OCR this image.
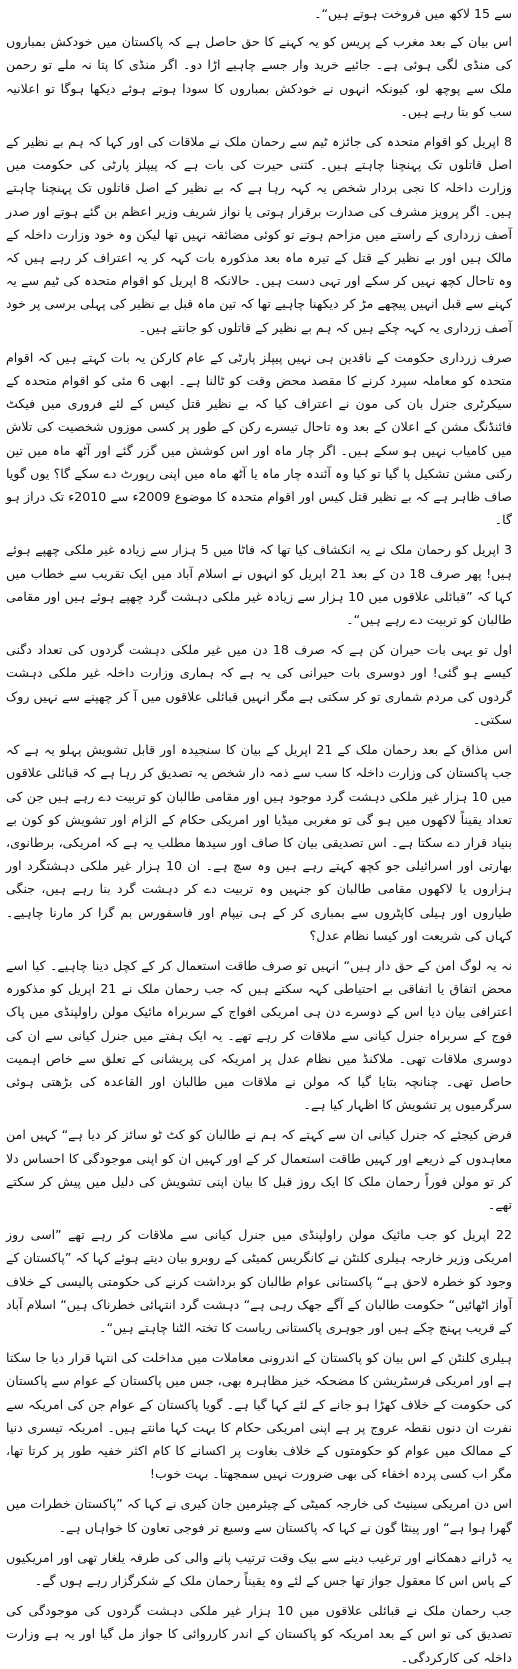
سے 15 لاکھ میں فروخت ہوتے ہیں“۔

اس بیان کے بعد مغرب کے پریس کو یہ کہنے کا حق حاصل ہے کہ پاکستان میں خودکش بمباروں کی منڈی لگی ہوئی ہے۔ جائیے خرید وار جسے چاہیے اڑا دو۔ اگر منڈی کا پتا نہ ملے تو رحمن ملک سے پوچھ لو، کیونکہ انہوں نے خودکش بمباروں کا سودا ہوتے ہوئے دیکھا ہوگا تو اعلانیہ سب کو بتا رہے ہیں۔

8 اپریل کو اقوام متحدہ کی جائزہ ٹیم سے رحمان ملک نے ملاقات کی اور کہا کہ ہم بے نظیر کے اصل قاتلوں تک پہنچنا چاہتے ہیں۔ کتنی حیرت کی بات ہے کہ پیپلز پارٹی کی حکومت میں وزارت داخلہ کا نجی بردار شخص یہ کہہ رہا ہے کہ بے نظیر کے اصل قاتلوں تک پہنچنا چاہتے ہیں۔ اگر پرویز مشرف کی صدارت برقرار ہوتی یا نواز شریف وزیر اعظم بن گئے ہوتے اور صدر آصف زرداری کے راستے میں مزاحم ہوتے تو کوئی مضائقہ نہیں تھا لیکن وہ خود وزارت داخلہ کے مالک ہیں اور بے نظیر کے قتل کے تیرہ ماہ بعد مذکورہ بات کہہ کر یہ اعتراف کر رہے ہیں کہ وہ تاحال کچھ نہیں کر سکے اور تہی دست ہیں۔ حالانکہ 8 اپریل کو اقوام متحدہ کی ٹیم سے یہ کہنے سے قبل انہیں پیچھے مڑ کر دیکھنا چاہیے تھا کہ تین ماہ قبل بے نظیر کی پہلی برسی پر خود آصف زرداری یہ کہہ چکے ہیں کہ ہم بے نظیر کے قاتلوں کو جانتے ہیں۔

صرف زرداری حکومت کے ناقدین ہی نہیں پیپلز پارٹی کے عام کارکن یہ بات کہتے ہیں کہ اقوام متحدہ کو معاملہ سپرد کرنے کا مقصد محض وقت کو ٹالنا ہے۔ ابھی 6 مئی کو اقوام متحدہ کے سیکرٹری جنرل بان کی مون نے اعتراف کیا کہ بے نظیر قتل کیس کے لئے فروری میں فیکٹ فائنڈنگ مشن کے اعلان کے بعد وہ تاحال تیسرے رکن کے طور پر کسی موزوں شخصیت کی تلاش میں کامیاب نہیں ہو سکے ہیں۔ اگر چار ماہ اور اس کوشش میں گزر گئے اور آٹھ ماہ میں تین رکنی مشن تشکیل پا گیا تو کیا وہ آئندہ چار ماہ یا آٹھ ماہ میں اپنی رپورٹ دے سکے گا؟ یوں گویا صاف ظاہر ہے کہ بے نظیر قتل کیس اور اقوام متحدہ کا موضوع 2009ء سے 2010ء تک دراز ہو گا۔

3 اپریل کو رحمان ملک نے یہ انکشاف کیا تھا کہ فاٹا میں 5 ہزار سے زیادہ غیر ملکی چھپے ہوئے ہیں! پھر صرف 18 دن کے بعد 21 اپریل کو انہوں نے اسلام آباد میں ایک تقریب سے خطاب میں کہا کہ ”قبائلی علاقوں میں 10 ہزار سے زیادہ غیر ملکی دہشت گرد چھپے ہوئے ہیں اور مقامی طالبان کو تربیت دے رہے ہیں“۔

اول تو یہی بات حیران کن ہے کہ صرف 18 دن میں غیر ملکی دہشت گردوں کی تعداد دگنی کیسے ہو گئی! اور دوسری بات حیرانی کی یہ ہے کہ ہماری وزارت داخلہ غیر ملکی دہشت گردوں کی مردم شماری تو کر سکتی ہے مگر انہیں قبائلی علاقوں میں آ کر چھپنے سے نہیں روک سکتی۔

اس مذاق کے بعد رحمان ملک کے 21 اپریل کے بیان کا سنجیدہ اور قابل تشویش پہلو یہ ہے کہ جب پاکستان کی وزارت داخلہ کا سب سے ذمہ دار شخص یہ تصدیق کر رہا ہے کہ قبائلی علاقوں میں 10 ہزار غیر ملکی دہشت گرد موجود ہیں اور مقامی طالبان کو تربیت دے رہے ہیں جن کی تعداد یقیناً لاکھوں میں ہو گی تو مغربی میڈیا اور امریکی حکام کے الزام اور تشویش کو کون بے بنیاد قرار دے سکتا ہے۔ اس تصدیقی بیان کا صاف اور سیدھا مطلب یہ ہے کہ امریکی، برطانوی، بھارتی اور اسرائیلی جو کچھ کہتے رہے ہیں وہ سچ ہے۔ ان 10 ہزار غیر ملکی دہشتگرد اور ہزاروں یا لاکھوں مقامی طالبان کو جنہیں وہ تربیت دے کر دہشت گرد بنا رہے ہیں، جنگی طیاروں اور ہیلی کاپٹروں سے بمباری کر کے ہی نیپام اور فاسفورس بم گرا کر مارنا چاہیے۔ کہاں کی شریعت اور کیسا نظام عدل؟

نہ یہ لوگ امن کے حق دار ہیں“ انہیں تو صرف طاقت استعمال کر کے کچل دینا چاہیے۔ کیا اسے محض اتفاق یا اتفاقی بے احتیاطی کہہ سکتے ہیں کہ جب رحمان ملک نے 21 اپریل کو مذکورہ اعترافی بیان دیا اس کے دوسرے دن ہی امریکی افواج کے سربراہ مائیک مولن راولپنڈی میں پاک فوج کے سربراہ جنرل کیانی سے ملاقات کر رہے تھے۔ یہ ایک ہفتے میں جنرل کیانی سے ان کی دوسری ملاقات تھی۔ ملاکنڈ میں نظام عدل پر امریکہ کی پریشانی کے تعلق سے خاص اہمیت حاصل تھی۔ چنانچہ بتایا گیا کہ مولن نے ملاقات میں طالبان اور القاعدہ کی بڑھتی ہوئی سرگرمیوں پر تشویش کا اظہار کیا ہے۔

فرض کیجئے کہ جنرل کیانی ان سے کہتے کہ ہم نے طالبان کو کٹ ٹو سائز کر دیا ہے“ کہیں امن معاہدوں کے ذریعے اور کہیں طاقت استعمال کر کے اور کہیں ان کو اپنی موجودگی کا احساس دلا کر تو مولن فوراً رحمان ملک کا ایک روز قبل کا بیان اپنی تشویش کی دلیل میں پیش کر سکتے تھے۔

22 اپریل کو جب مائیک مولن راولپنڈی میں جنرل کیانی سے ملاقات کر رہے تھے ”اسی روز امریکی وزیر خارجہ ہیلری کلنٹن نے کانگریس کمیٹی کے روبرو بیان دیتے ہوئے کہا کہ ”پاکستان کے وجود کو خطرہ لاحق ہے“ پاکستانی عوام طالبان کو برداشت کرنے کی حکومتی پالیسی کے خلاف آواز اٹھائیں“ حکومت طالبان کے آگے جھک رہی ہے“ دہشت گرد انتہائی خطرناک ہیں“ اسلام آباد کے قریب پہنچ چکے ہیں اور جوہری پاکستانی ریاست کا تختہ الٹنا چاہتے ہیں“۔

ہیلری کلنٹن کے اس بیان کو پاکستان کے اندرونی معاملات میں مداخلت کی انتہا قرار دیا جا سکتا ہے اور امریکی فرسٹریشن کا مضحکہ خیز مظاہرہ بھی، جس میں پاکستان کے عوام سے پاکستان کی حکومت کے خلاف کھڑا ہو جانے کے لئے کہا گیا ہے۔ گویا پاکستان کے عوام جن کی امریکہ سے نفرت ان دنوں نقطہ عروج پر ہے اپنی امریکی حکام کا بہت کہا مانتے ہیں۔ امریکہ تیسری دنیا کے ممالک میں عوام کو حکومتوں کے خلاف بغاوت پر اکسانے کا کام اکثر خفیہ طور پر کرتا تھا، مگر اب کسی پردہ اخفاء کی بھی ضرورت نہیں سمجھتا۔ بہت خوب!

اس دن امریکی سینیٹ کی خارجہ کمیٹی کے چیئرمین جان کیری نے کہا کہ ”پاکستان خطرات میں گھرا ہوا ہے“ اور پینٹا گون نے کہا کہ پاکستان سے وسیع تر فوجی تعاون کا خواہاں ہے۔

یہ ڈرانے دھمکانے اور ترغیب دینے سے بیک وقت ترتیب پانے والی کی طرفہ یلغار تھی اور امریکیوں کے پاس اس کا معقول جواز تھا جس کے لئے وہ یقیناً رحمان ملک کے شکرگزار رہے ہوں گے۔

جب رحمان ملک نے قبائلی علاقوں میں 10 ہزار غیر ملکی دہشت گردوں کی موجودگی کی تصدیق کی تو اس کے بعد امریکہ کو پاکستان کے اندر کارروائی کا جواز مل گیا اور یہ ہے وزارت داخلہ کی کارکردگی۔
